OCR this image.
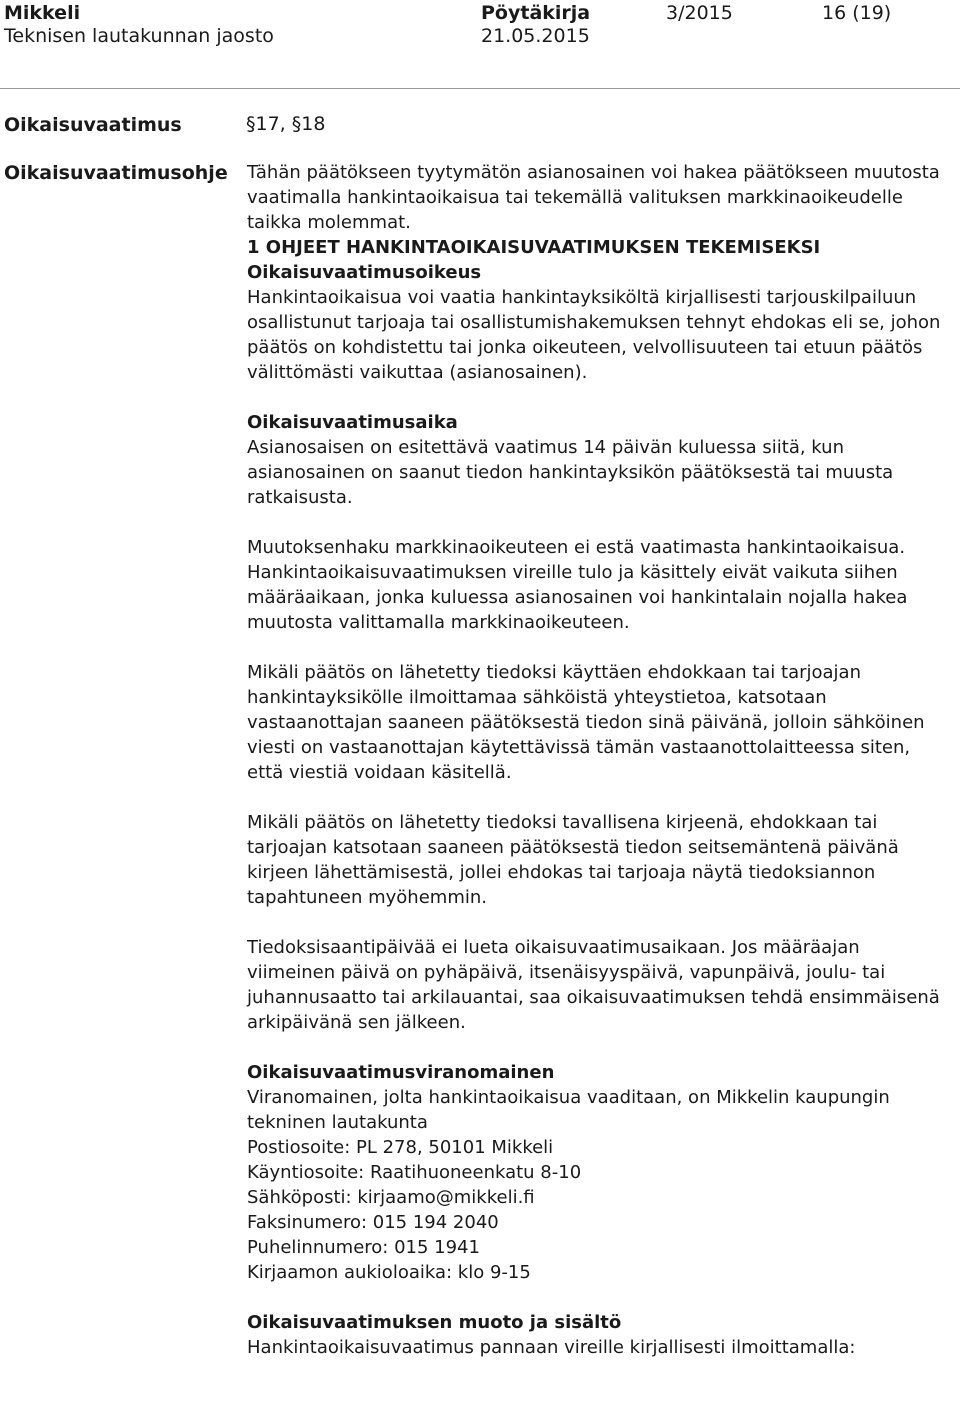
Mikkeli
Teknisen lautakunnan jaosto
Pöytäkirja
21.05.2015
3/2015	16 (19)
Oikaisuvaatimus	§17, §18
Oikaisuvaatimusohje Tähän päätökseen tyytymätön asianosainen voi hakea päätökseen muutosta vaatimalla hankintaoikaisua tai tekemällä valituksen markkinaoikeudelle taikka molemmat.

1 OHJEET HANKINTAOIKAISUVAATIMUKSEN TEKEMISEKSI

Oikaisuvaatimusoikeus

Hankintaoikaisua voi vaatia hankintayksiköltä kirjallisesti tarjouskilpailuun osallistunut tarjoaja tai osallistumishakemuksen tehnyt ehdokas eli se, johon päätös on kohdistettu tai jonka oikeuteen, velvollisuuteen tai etuun päätös välittömästi vaikuttaa (asianosainen).

Oikaisuvaatimusaika

Asianosaisen on esitettävä vaatimus 14 päivän kuluessa siitä, kun asianosainen on saanut tiedon hankintayksikön päätöksestä tai muusta ratkaisusta.

Muutoksenhaku markkinaoikeuteen ei estä vaatimasta hankintaoikaisua. Hankintaoikaisuvaatimuksen vireille tulo ja käsittely eivät vaikuta siihen määräaikaan, jonka kuluessa asianosainen voi hankintalain nojalla hakea muutosta valittamalla markkinaoikeuteen.

Mikäli päätös on lähetetty tiedoksi käyttäen ehdokkaan tai tarjoajan hankintayksikölle ilmoittamaa sähköistä yhteystietoa, katsotaan vastaanottajan saaneen päätöksestä tiedon sinä päivänä, jolloin sähköinen viesti on vastaanottajan käytettävissä tämän vastaanottolaitteessa siten, että viestiä voidaan käsitellä.

Mikäli päätös on lähetetty tiedoksi tavallisena kirjeenä, ehdokkaan tai tarjoajan katsotaan saaneen päätöksestä tiedon seitsemäntenä päivänä kirjeen lähettämisestä, jollei ehdokas tai tarjoaja näytä tiedoksiannon tapahtuneen myöhemmin.

Tiedoksisaantipäivää ei lueta oikaisuvaatimusaikaan. Jos määräajan viimeinen päivä on pyhäpäivä, itsenäisyyspäivä, vapunpäivä, joulu- tai juhannusaatto tai arkilauantai, saa oikaisuvaatimuksen tehdä ensimmäisenä arkipäivänä sen jälkeen.

Oikaisuvaatimusviranomainen

Viranomainen, jolta hankintaoikaisua vaaditaan, on Mikkelin kaupungin tekninen lautakunta

Postiosoite: PL 278, 50101 Mikkeli

Käyntiosoite: Raatihuoneenkatu 8-10

Sähköposti: kirjaamo@mikkeli.fi

Faksinumero: 015 194 2040

Puhelinnumero: 015 1941

Kirjaamon aukioloaika: klo 9-15

Oikaisuvaatimuksen muoto ja sisältö

Hankintaoikaisuvaatimus pannaan vireille kirjallisesti ilmoittamalla:
